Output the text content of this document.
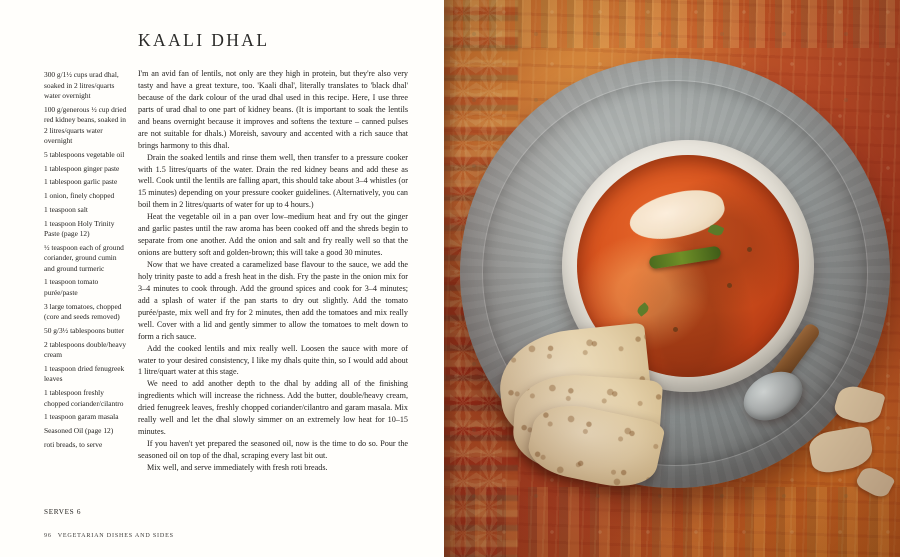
KAALI DHAL

300 g/1½ cups urad dhal, soaked in 2 litres/quarts water overnight

100 g/generous ½ cup dried red kidney beans, soaked in 2 litres/quarts water overnight

5 tablespoons vegetable oil

1 tablespoon ginger paste

1 tablespoon garlic paste

1 onion, finely chopped

1 teaspoon salt

1 teaspoon Holy Trinity Paste (page 12)

½ teaspoon each of ground coriander, ground cumin and ground turmeric

1 teaspoon tomato purée/paste

3 large tomatoes, chopped (core and seeds removed)

50 g/3½ tablespoons butter

2 tablespoons double/heavy cream

1 teaspoon dried fenugreek leaves

1 tablespoon freshly chopped coriander/cilantro

1 teaspoon garam masala

Seasoned Oil (page 12)

roti breads, to serve

SERVES 6

I'm an avid fan of lentils, not only are they high in protein, but they're also very tasty and have a great texture, too. 'Kaali dhal', literally translates to 'black dhal' because of the dark colour of the urad dhal used in this recipe. Here, I use three parts of urad dhal to one part of kidney beans. (It is important to soak the lentils and beans overnight because it improves and softens the texture – canned pulses are not suitable for dhals.) Moreish, savoury and accented with a rich sauce that brings harmony to this dhal.

Drain the soaked lentils and rinse them well, then transfer to a pressure cooker with 1.5 litres/quarts of the water. Drain the red kidney beans and add these as well. Cook until the lentils are falling apart, this should take about 3–4 whistles (or 15 minutes) depending on your pressure cooker guidelines. (Alternatively, you can boil them in 2 litres/quarts of water for up to 4 hours.)

Heat the vegetable oil in a pan over low–medium heat and fry out the ginger and garlic pastes until the raw aroma has been cooked off and the shreds begin to separate from one another. Add the onion and salt and fry really well so that the onions are buttery soft and golden-brown; this will take a good 30 minutes.

Now that we have created a caramelized base flavour to the sauce, we add the holy trinity paste to add a fresh heat in the dish. Fry the paste in the onion mix for 3–4 minutes to cook through. Add the ground spices and cook for 3–4 minutes; add a splash of water if the pan starts to dry out slightly. Add the tomato purée/paste, mix well and fry for 2 minutes, then add the tomatoes and mix really well. Cover with a lid and gently simmer to allow the tomatoes to melt down to form a rich sauce.

Add the cooked lentils and mix really well. Loosen the sauce with more of water to your desired consistency, I like my dhals quite thin, so I would add about 1 litre/quart water at this stage.

We need to add another depth to the dhal by adding all of the finishing ingredients which will increase the richness. Add the butter, double/heavy cream, dried fenugreek leaves, freshly chopped coriander/cilantro and garam masala. Mix really well and let the dhal slowly simmer on an extremely low heat for 10–15 minutes.

If you haven't yet prepared the seasoned oil, now is the time to do so. Pour the seasoned oil on top of the dhal, scraping every last bit out.

Mix well, and serve immediately with fresh roti breads.

96 VEGETARIAN DISHES AND SIDES
